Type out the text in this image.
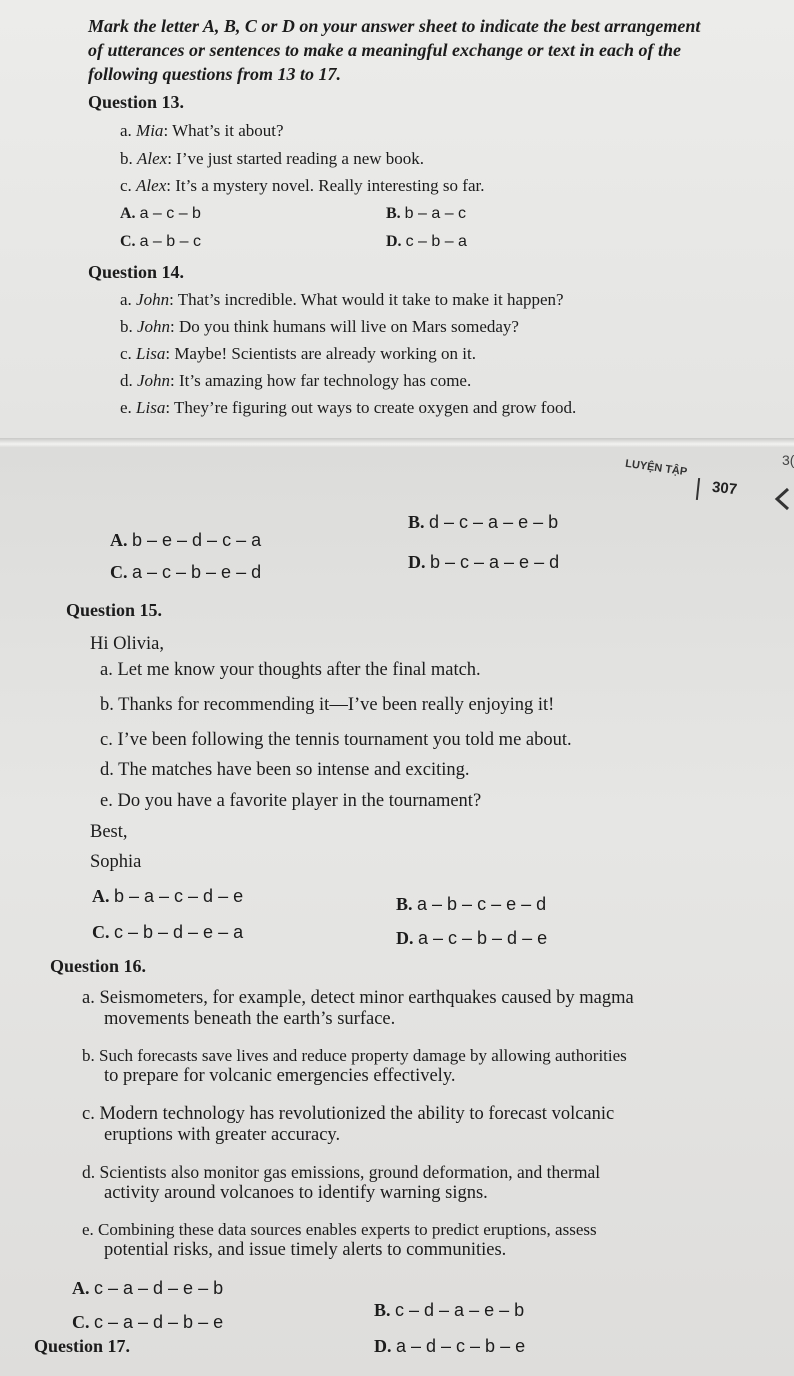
Mark the letter A, B, C or D on your answer sheet to indicate the best arrangement
of utterances or sentences to make a meaningful exchange or text in each of the
following questions from 13 to 17.
Question 13.
a. Mia: What’s it about?
b. Alex: I’ve just started reading a new book.
c. Alex: It’s a mystery novel. Really interesting so far.
A. a – c – b	B. b – a – c
C. a – b – c	D. c – b – a
Question 14.
a. John: That’s incredible. What would it take to make it happen?
b. John: Do you think humans will live on Mars someday?
c. Lisa: Maybe! Scientists are already working on it.
d. John: It’s amazing how far technology has come.
e. Lisa: They’re figuring out ways to create oxygen and grow food.
LUYỆN TẬP
307
3(
A. b – e – d – c – a
B. d – c – a – e – b
C. a – c – b – e – d	D. b – c – a – e – d
Question 15.
Hi Olivia,
a. Let me know your thoughts after the final match.
b. Thanks for recommending it—I’ve been really enjoying it!
c. I’ve been following the tennis tournament you told me about.
d. The matches have been so intense and exciting.
e. Do you have a favorite player in the tournament?
Best,
Sophia
A. b – a – c – d – e	B. a – b – c – e – d
C. c – b – d – e – a	D. a – c – b – d – e
Question 16.
a. Seismometers, for example, detect minor earthquakes caused by magma
movements beneath the earth’s surface.
b. Such forecasts save lives and reduce property damage by allowing authorities
to prepare for volcanic emergencies effectively.
c. Modern technology has revolutionized the ability to forecast volcanic
eruptions with greater accuracy.
d. Scientists also monitor gas emissions, ground deformation, and thermal
activity around volcanoes to identify warning signs.
e. Combining these data sources enables experts to predict eruptions, assess
potential risks, and issue timely alerts to communities.
A. c – a – d – e – b
B. c – d – a – e – b
C. c – a – d – b – e
D. a – d – c – b – e
Question 17.
